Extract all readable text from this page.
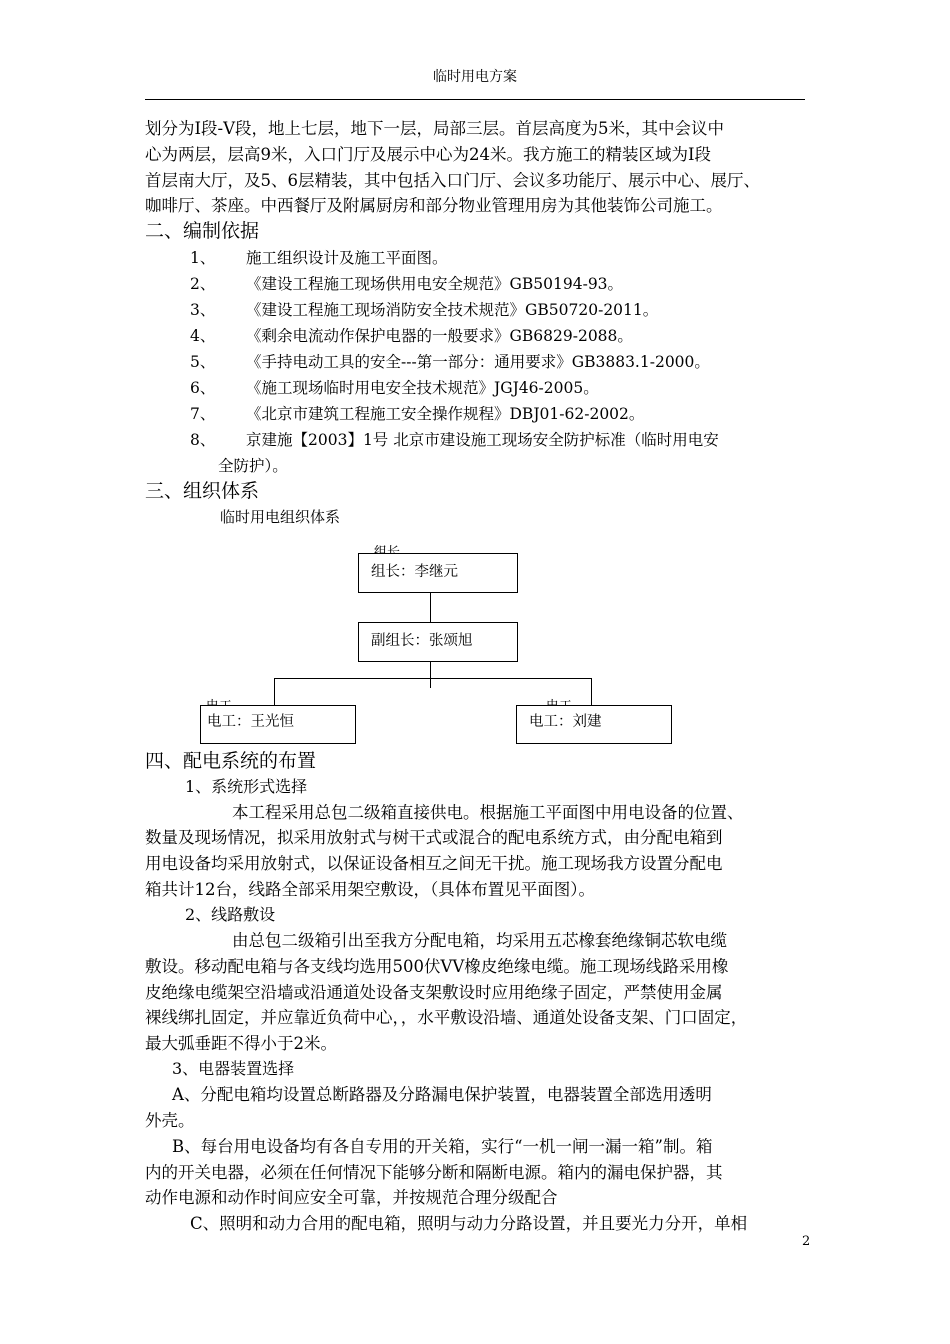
临时用电方案
划分为Ⅰ段-Ⅴ段，地上七层，地下一层，局部三层。首层高度为5米，其中会议中
心为两层，层高9米，入口门厅及展示中心为24米。我方施工的精装区域为Ⅰ段
首层南大厅，及5、6层精装，其中包括入口门厅、会议多功能厅、展示中心、展厅、
咖啡厅、茶座。中西餐厅及附属厨房和部分物业管理用房为其他装饰公司施工。
二、编制依据
1、 施工组织设计及施工平面图。
2、 《建设工程施工现场供用电安全规范》GB50194-93。
3、 《建设工程施工现场消防安全技术规范》GB50720-2011。
4、 《剩余电流动作保护电器的一般要求》GB6829-2088。
5、 《手持电动工具的安全---第一部分：通用要求》GB3883.1-2000。
6、 《施工现场临时用电安全技术规范》JGJ46-2005。
7、 《北京市建筑工程施工安全操作规程》DBJ01-62-2002。
8、 京建施【2003】1号 北京市建设施工现场安全防护标准（临时用电安
全防护）。
三、组织体系
临时用电组织体系
组长：李继元
副组长：张颂旭
电工：王光恒	电工：刘建
四、配电系统的布置
1、系统形式选择
本工程采用总包二级箱直接供电。根据施工平面图中用电设备的位置、
数量及现场情况，拟采用放射式与树干式或混合的配电系统方式，由分配电箱到
用电设备均采用放射式，以保证设备相互之间无干扰。施工现场我方设置分配电
箱共计12台，线路全部采用架空敷设，（具体布置见平面图）。
2、线路敷设
由总包二级箱引出至我方分配电箱，均采用五芯橡套绝缘铜芯软电缆
敷设。移动配电箱与各支线均选用500伏VV橡皮绝缘电缆。施工现场线路采用橡
皮绝缘电缆架空沿墙或沿通道处设备支架敷设时应用绝缘子固定，严禁使用金属
裸线绑扎固定，并应靠近负荷中心，，水平敷设沿墙、通道处设备支架、门口固定，
最大弧垂距不得小于2米。
3、电器装置选择
A、分配电箱均设置总断路器及分路漏电保护装置，电器装置全部选用透明
外壳。
B、每台用电设备均有各自专用的开关箱，实行“一机一闸一漏一箱”制。箱
内的开关电器，必须在任何情况下能够分断和隔断电源。箱内的漏电保护器，其
动作电源和动作时间应安全可靠，并按规范合理分级配合
C、照明和动力合用的配电箱，照明与动力分路设置，并且要光力分开，单相
2
